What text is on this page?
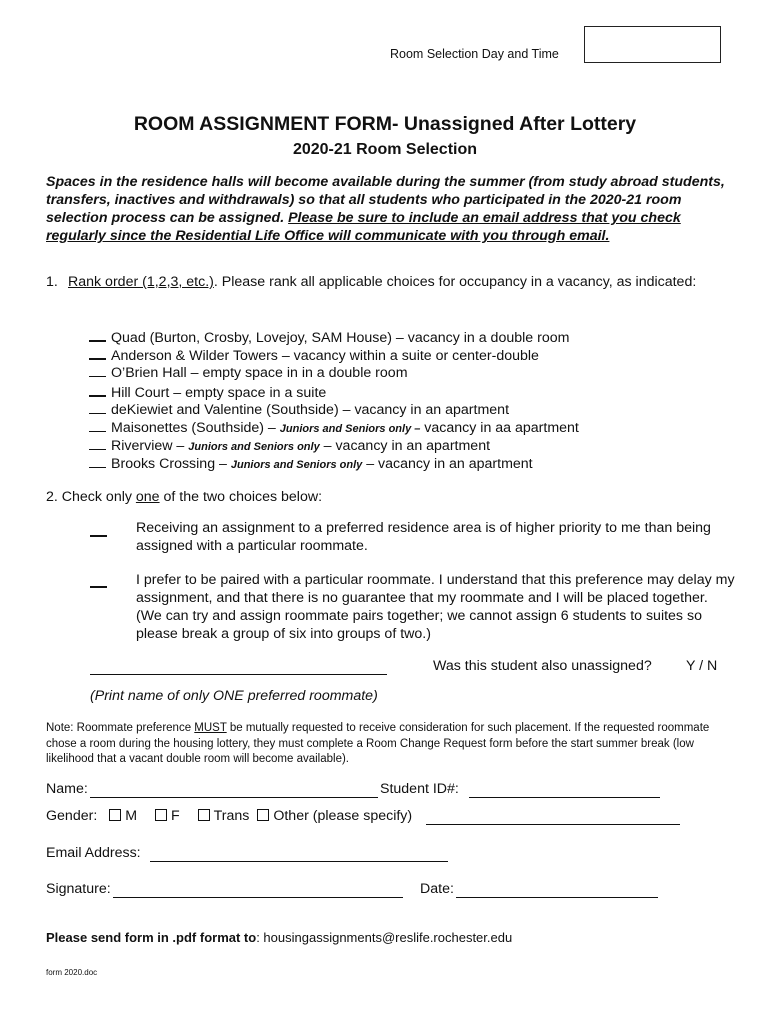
Room Selection Day and Time
ROOM ASSIGNMENT FORM- Unassigned After Lottery
2020-21 Room Selection
Spaces in the residence halls will become available during the summer (from study abroad students, transfers, inactives and withdrawals) so that all students who participated in the 2020-21 room selection process can be assigned. Please be sure to include an email address that you check regularly since the Residential Life Office will communicate with you through email.
1. Rank order (1,2,3, etc.). Please rank all applicable choices for occupancy in a vacancy, as indicated:
Quad (Burton, Crosby, Lovejoy, SAM House) – vacancy in a double room
Anderson & Wilder Towers – vacancy within a suite or center-double
O’Brien Hall – empty space in in a double room
Hill Court – empty space in a suite
deKiewiet and Valentine (Southside) – vacancy in an apartment
Maisonettes (Southside) – Juniors and Seniors only – vacancy in aa apartment
Riverview – Juniors and Seniors only – vacancy in an apartment
Brooks Crossing – Juniors and Seniors only – vacancy in an apartment
2. Check only one of the two choices below:
Receiving an assignment to a preferred residence area is of higher priority to me than being assigned with a particular roommate.
I prefer to be paired with a particular roommate. I understand that this preference may delay my assignment, and that there is no guarantee that my roommate and I will be placed together. (We can try and assign roommate pairs together; we cannot assign 6 students to suites so please break a group of six into groups of two.)
Was this student also unassigned? Y / N
(Print name of only ONE preferred roommate)
Note: Roommate preference MUST be mutually requested to receive consideration for such placement. If the requested roommate chose a room during the housing lottery, they must complete a Room Change Request form before the start summer break (low likelihood that a vacant double room will become available).
Name:	Student ID#:
Gender: M F Trans Other (please specify)
Email Address:
Signature:	Date:
Please send form in .pdf format to: housingassignments@reslife.rochester.edu
form 2020.doc
